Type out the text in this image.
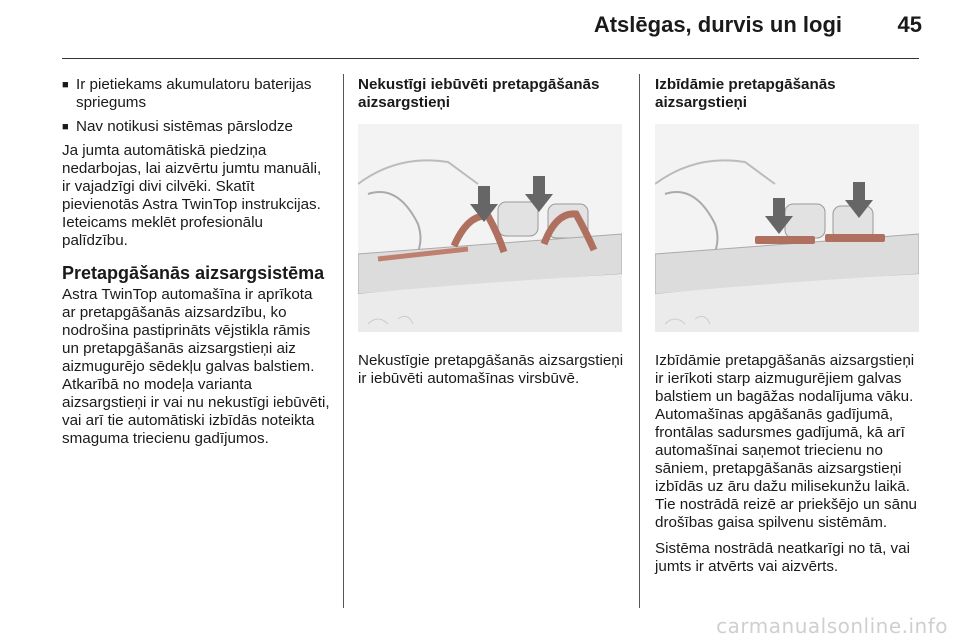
Atslēgas, durvis un logi	45
■ Ir pietiekams akumulatoru baterijas spriegums
■ Nav notikusi sistēmas pārslodze

Ja jumta automātiskā piedziņa nedarbojas, lai aizvērtu jumtu manuāli, ir vajadzīgi divi cilvēki. Skatīt pievienotās Astra TwinTop instrukcijas. Ieteicams meklēt profesionālu palīdzību.

Pretapgāšanās aizsargsistēma

Astra TwinTop automašīna ir aprīkota ar pretapgāšanās aizsardzību, ko nodrošina pastiprināts vējstikla rāmis un pretapgāšanās aizsargstieņi aiz aizmugurējo sēdekļu galvas balstiem. Atkarībā no modeļa varianta aizsargstieņi ir vai nu nekustīgi iebūvēti, vai arī tie automātiski izbīdās noteikta smaguma triecienu gadījumos.

Nekustīgi iebūvēti pretapgāšanās aizsargstieņi

Nekustīgie pretapgāšanās aizsargstieņi ir iebūvēti automašīnas virsbūvē.

Izbīdāmie pretapgāšanās aizsargstieņi

Izbīdāmie pretapgāšanās aizsargstieņi ir ierīkoti starp aizmugurējiem galvas balstiem un bagāžas nodalījuma vāku. Automašīnas apgāšanās gadījumā, frontālas sadursmes gadījumā, kā arī automašīnai saņemot triecienu no sāniem, pretapgāšanās aizsargstieņi izbīdās uz āru dažu milisekunžu laikā. Tie nostrādā reizē ar priekšējo un sānu drošības gaisa spilvenu sistēmām.

Sistēma nostrādā neatkarīgi no tā, vai jumts ir atvērts vai aizvērts.

carmanualsonline.info
